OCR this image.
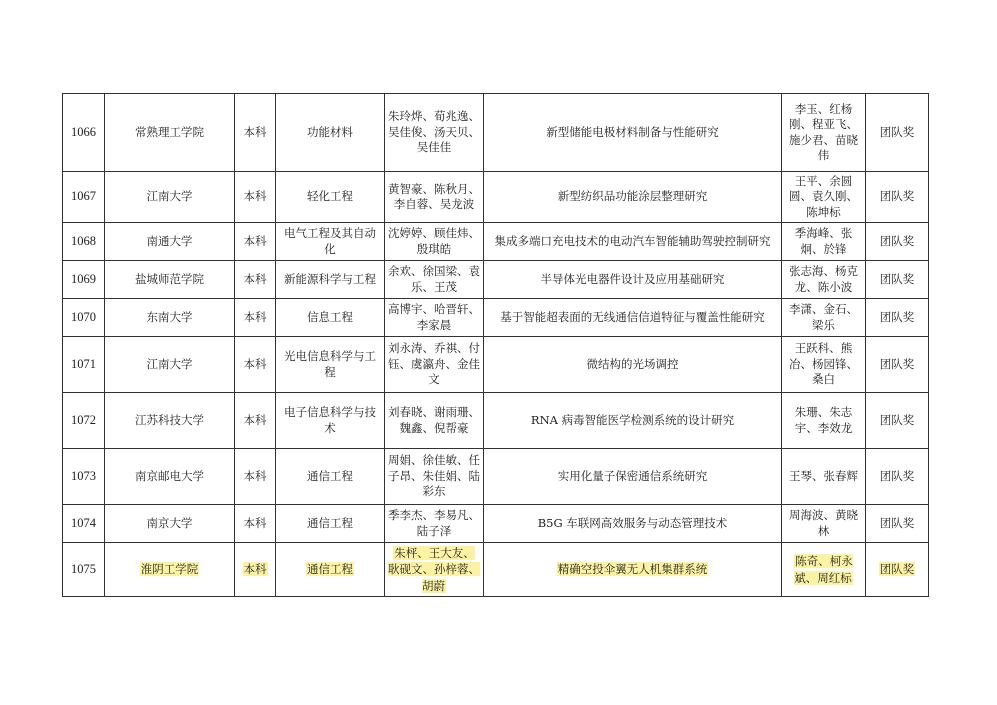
1066	常熟理工学院	本科	功能材料	朱玲烨、荀兆逸、吴佳俊、汤天贝、吴佳佳	新型储能电极材料制备与性能研究	李玉、红杨刚、程亚飞、施少君、苗晓伟	团队奖
1067	江南大学	本科	轻化工程	黄智豪、陈秋月、李自蓉、吴龙波	新型纺织品功能涂层整理研究	王平、余圆圆、袁久刚、陈坤标	团队奖
1068	南通大学	本科	电气工程及其自动化	沈婷婷、顾佳炜、殷琪皓	集成多端口充电技术的电动汽车智能辅助驾驶控制研究	季海峰、张炯、於锋	团队奖
1069	盐城师范学院	本科	新能源科学与工程	余欢、徐国梁、袁乐、王茂	半导体光电器件设计及应用基础研究	张志海、杨克龙、陈小波	团队奖
1070	东南大学	本科	信息工程	高博宇、哈晋轩、李家晨	基于智能超表面的无线通信信道特征与覆盖性能研究	李潇、金石、梁乐	团队奖
1071	江南大学	本科	光电信息科学与工程	刘永涛、乔祺、付钰、虞瀛舟、金佳文	微结构的光场调控	王跃科、熊冶、杨园锋、桑白	团队奖
1072	江苏科技大学	本科	电子信息科学与技术	刘春晓、谢雨珊、魏鑫、倪帮豪	RNA 病毒智能医学检测系统的设计研究	朱珊、朱志宇、李效龙	团队奖
1073	南京邮电大学	本科	通信工程	周娟、徐佳敏、任子昂、朱佳娟、陆彩东	实用化量子保密通信系统研究	王琴、张春辉	团队奖
1074	南京大学	本科	通信工程	季李杰、李易凡、陆子泽	B5G 车联网高效服务与动态管理技术	周海波、黄晓林	团队奖
1075	淮阴工学院	本科	通信工程	朱枰、王大友、耿砚文、孙梓蓉、胡蔚	精确空投伞翼无人机集群系统	陈奇、柯永斌、周红标	团队奖
